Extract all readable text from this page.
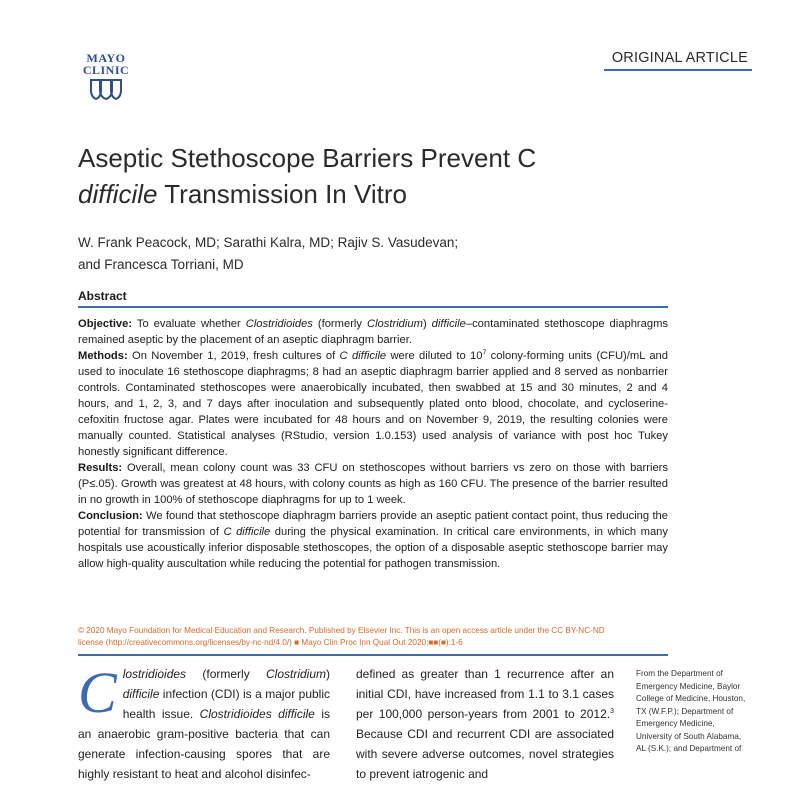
MAYO
CLINIC
ORIGINAL ARTICLE
Aseptic Stethoscope Barriers Prevent C
difficile Transmission In Vitro
W. Frank Peacock, MD; Sarathi Kalra, MD; Rajiv S. Vasudevan;
and Francesca Torriani, MD
Abstract

Objective: To evaluate whether Clostridioides (formerly Clostridium) difficile–contaminated stethoscope diaphragms remained aseptic by the placement of an aseptic diaphragm barrier.

Methods: On November 1, 2019, fresh cultures of C difficile were diluted to $10^7$ colony-forming units (CFU)/mL and used to inoculate 16 stethoscope diaphragms; 8 had an aseptic diaphragm barrier applied and 8 served as nonbarrier controls. Contaminated stethoscopes were anaerobically incubated, then swabbed at 15 and 30 minutes, 2 and 4 hours, and 1, 2, 3, and 7 days after inoculation and subsequently plated onto blood, chocolate, and cycloserine-cefoxitin fructose agar. Plates were incubated for 48 hours and on November 9, 2019, the resulting colonies were manually counted. Statistical analyses (RStudio, version 1.0.153) used analysis of variance with post hoc Tukey honestly significant difference.

Results: Overall, mean colony count was 33 CFU on stethoscopes without barriers vs zero on those with barriers (P≤.05). Growth was greatest at 48 hours, with colony counts as high as 160 CFU. The presence of the barrier resulted in no growth in 100% of stethoscope diaphragms for up to 1 week.

Conclusion: We found that stethoscope diaphragm barriers provide an aseptic patient contact point, thus reducing the potential for transmission of C difficile during the physical examination. In critical care environments, in which many hospitals use acoustically inferior disposable stethoscopes, the option of a disposable aseptic stethoscope barrier may allow high-quality auscultation while reducing the potential for pathogen transmission.

© 2020 Mayo Foundation for Medical Education and Research. Published by Elsevier Inc. This is an open access article under the CC BY-NC-ND
license (http://creativecommons.org/licenses/by-nc-nd/4.0/) ■ Mayo Clin Proc Inn Qual Out 2020;■■(■):1-6

Clostridioides (formerly Clostridium) difficile infection (CDI) is a major public health issue. Clostridioides difficile is an anaerobic gram-positive bacteria that can generate infection-causing spores that are highly resistant to heat and alcohol disinfec-

defined as greater than 1 recurrence after an initial CDI, have increased from 1.1 to 3.1 cases per 100,000 person-years from 2001 to 2012.$^3$ Because CDI and recurrent CDI are associated with severe adverse outcomes, novel strategies to prevent iatrogenic and

From the Department of Emergency Medicine, Baylor College of Medicine, Houston, TX (W.F.P.); Department of Emergency Medicine, University of South Alabama, AL (S.K.); and Department of
